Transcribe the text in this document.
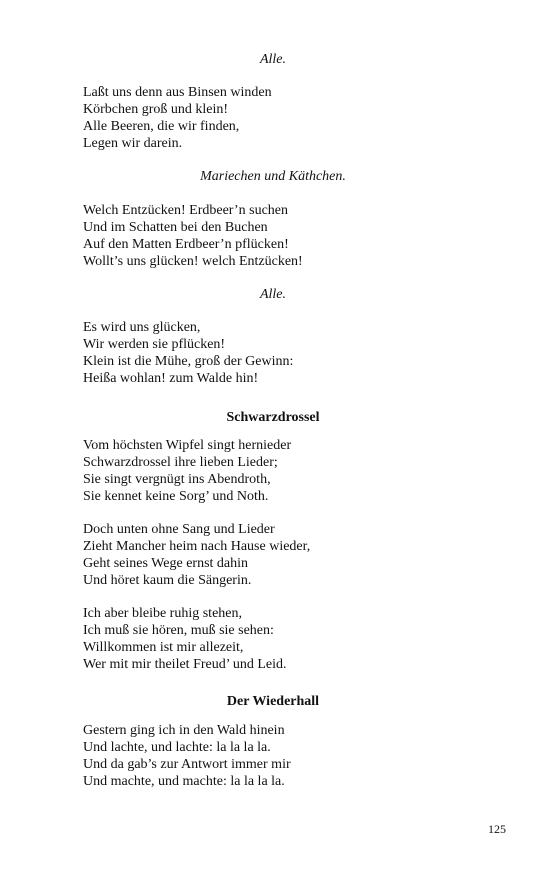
Alle.
Laßt uns denn aus Binsen winden
Körbchen groß und klein!
Alle Beeren, die wir finden,
Legen wir darein.
Mariechen und Käthchen.
Welch Entzücken! Erdbeer’n suchen
Und im Schatten bei den Buchen
Auf den Matten Erdbeer’n pflücken!
Wollt’s uns glücken! welch Entzücken!
Alle.
Es wird uns glücken,
Wir werden sie pflücken!
Klein ist die Mühe, groß der Gewinn:
Heißa wohlan! zum Walde hin!
Schwarzdrossel
Vom höchsten Wipfel singt hernieder
Schwarzdrossel ihre lieben Lieder;
Sie singt vergnügt ins Abendroth,
Sie kennet keine Sorg’ und Noth.
Doch unten ohne Sang und Lieder
Zieht Mancher heim nach Hause wieder,
Geht seines Wege ernst dahin
Und höret kaum die Sängerin.
Ich aber bleibe ruhig stehen,
Ich muß sie hören, muß sie sehen:
Willkommen ist mir allezeit,
Wer mit mir theilet Freud’ und Leid.
Der Wiederhall
Gestern ging ich in den Wald hinein
Und lachte, und lachte: la la la la.
Und da gab’s zur Antwort immer mir
Und machte, und machte: la la la la.
125
